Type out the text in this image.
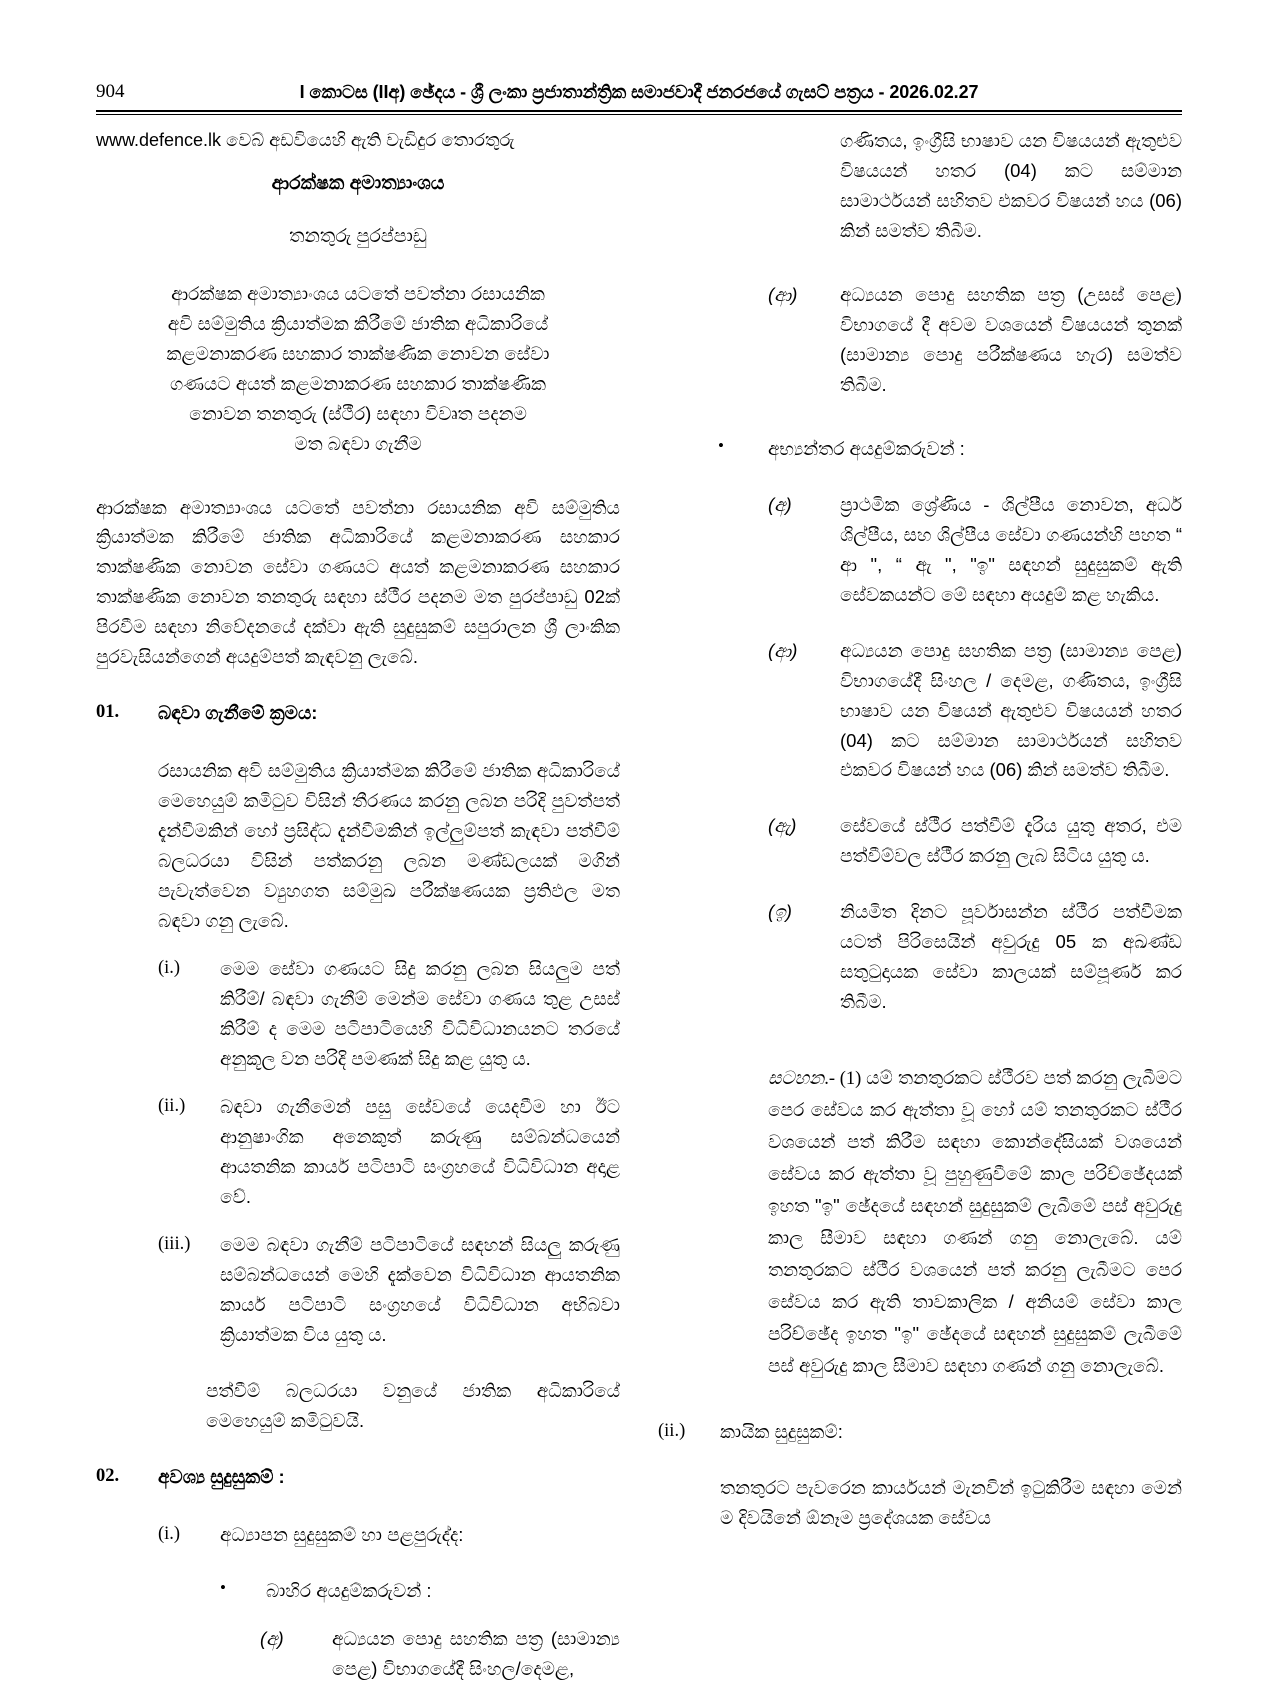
904	I කොටස (IIඅ) ඡේදය - ශ්‍රී ලංකා ප්‍රජාතාන්ත්‍රික සමාජවාදී ජනරජයේ ගැසට් පත්‍රය - 2026.02.27

www.defence.lk වෙබ් අඩවියෙහි ඇති වැඩිදුර තොරතුරු

ආරක්ෂක අමාත්‍යාංශය

තනතුරු පුරප්පාඩු

ආරක්ෂක අමාත්‍යාංශය යටතේ පවත්නා රසායනික
අවි සම්මුතිය ක්‍රියාත්මක කිරීමේ ජාතික අධිකාරියේ
කළමනාකරණ සහකාර තාක්ෂණික නොවන සේවා
ගණයට අයත් කළමනාකරණ සහකාර තාක්ෂණික
නොවන තනතුරු (ස්ථීර) සඳහා විවෘත පදනම
මත බඳවා ගැනීම

ආරක්ෂක අමාත්‍යාංශය යටතේ පවත්නා රසායනික අවි සම්මුතිය ක්‍රියාත්මක කිරීමේ ජාතික අධිකාරියේ කළමනාකරණ සහකාර තාක්ෂණික නොවන සේවා ගණයට අයත් කළමනාකරණ සහකාර තාක්ෂණික නොවන තනතුරු සඳහා ස්ථීර පදනම මත පුරප්පාඩු 02ක් පිරවීම සඳහා නිවේදනයේ දක්වා ඇති සුදුසුකම් සපුරාලන ශ්‍රී ලාංකික පුරවැසියන්ගෙන් අයදුම්පත් කැඳවනු ලැබේ.

01. බඳවා ගැනීමේ ක්‍රමය:

රසායනික අවි සම්මුතිය ක්‍රියාත්මක කිරීමේ ජාතික අධිකාරියේ මෙහෙයුම් කමිටුව විසින් තීරණය කරනු ලබන පරිදි පුවත්පත් දැන්වීමකින් හෝ ප්‍රසිද්ධ දැන්වීමකින් ඉල්ලුම්පත් කැඳවා පත්වීම් බලධරයා විසින් පත්කරනු ලබන මණ්ඩලයක් මගින් පැවැත්වෙන ව්‍යුහගත සම්මුඛ පරීක්ෂණයක ප්‍රතිඵල මත බඳවා ගනු ලැබේ.

(i.) මෙම සේවා ගණයට සිදු කරනු ලබන සියලුම පත් කිරීම්/ බඳවා ගැනීම් මෙන්ම සේවා ගණය තුළ උසස් කිරීම් ද මෙම පටිපාටියෙහි විධිවිධානයනට තරයේ අනුකූල වන පරිදි පමණක් සිදු කළ යුතු ය.
(ii.) බඳවා ගැනීමෙන් පසු සේවයේ යෙදවීම හා ඊට ආනුෂාංගික අනෙකුත් කරුණු සම්බන්ධයෙන් ආයතනික කාර්ය පටිපාටි සංග්‍රහයේ විධිවිධාන අදාළ වේ.
(iii.) මෙම බඳවා ගැනීම් පටිපාටියේ සඳහන් සියලු කරුණු සම්බන්ධයෙන් මෙහි දැක්වෙන විධිවිධාන ආයතනික කාර්ය පටිපාටි සංග්‍රහයේ විධිවිධාන අභිබවා ක්‍රියාත්මක විය යුතු ය.

පත්වීම් බලධරයා වනුයේ ජාතික අධිකාරියේ මෙහෙයුම් කමිටුවයි.

02. අවශ්‍ය සුදුසුකම් :
(i.) අධ්‍යාපන සුදුසුකම් හා පළපුරුද්ද:
• බාහිර අයදුම්කරුවන් :
(අ)	අධ්‍යයන පොදු සහතික පත්‍ර (සාමාන්‍ය පෙළ) විභාගයේදී සිංහල/දෙමළ,

ගණිතය, ඉංග්‍රීසි භාෂාව යන විෂයයන් ඇතුළුව විෂයයන් හතර (04) කට සම්මාන සාමාර්ථයන් සහිතව එකවර විෂයන් හය (06) කින් සමත්ව තිබීම.

(ආ) අධ්‍යයන පොදු සහතික පත්‍ර (උසස් පෙළ) විභාගයේ දී අවම වශයෙන් විෂයයන් තුනක් (සාමාන්‍ය පොදු පරීක්ෂණය හැර) සමත්ව තිබීම.
• අභ්‍යන්තර අයදුම්කරුවන් :
(අ)	ප්‍රාථමික ශ්‍රේණිය - ශිල්පීය නොවන, අර්ධ ශිල්පීය, සහ ශිල්පීය සේවා ගණයන්හි පහත “ ආ ", “ ඇ ", "ඉ" සඳහන් සුදුසුකම් ඇති සේවකයන්ට මේ සඳහා අයදුම් කළ හැකිය.
(ආ) අධ්‍යයන පොදු සහතික පත්‍ර (සාමාන්‍ය පෙළ) විභාගයේදී සිංහල / දෙමළ, ගණිතය, ඉංග්‍රීසි භාෂාව යන විෂයන් ඇතුළුව විෂයයන් හතර (04) කට සම්මාන සාමාර්ථයන් සහිතව එකවර විෂයන් හය (06) කින් සමත්ව තිබීම.
(ඇ) සේවයේ ස්ථීර පත්වීම් දැරිය යුතු අතර, එම පත්වීම්වල ස්ථීර කරනු ලැබ සිටිය යුතු ය.
(ඉ)	නියමිත දිනට පූර්වාසන්න ස්ථීර පත්වීමක යටත් පිරිසෙයින් අවුරුදු 05 ක අඛණ්ඩ සතුටුදායක සේවා කාලයක් සම්පූර්ණ කර තිබීම.

සටහන.- (1) යම් තනතුරකට ස්ථීරව පත් කරනු ලැබීමට පෙර සේවය කර ඇත්තා වූ හෝ යම් තනතුරකට ස්ථීර වශයෙන් පත් කිරීම සඳහා කොන්දේසියක් වශයෙන් සේවය කර ඇත්තා වූ පුහුණුවීමේ කාල පරිච්ඡේදයක් ඉහත "ඉ" ඡේදයේ සඳහන් සුදුසුකම් ලැබීමේ පස් අවුරුදු කාල සීමාව සඳහා ගණන් ගනු නොලැබේ. යම් තනතුරකට ස්ථීර වශයෙන් පත් කරනු ලැබීමට පෙර සේවය කර ඇති තාවකාලික / අනියම් සේවා කාල පරිච්ඡේද ඉහත "ඉ" ඡේදයේ සඳහන් සුදුසුකම් ලැබීමේ පස් අවුරුදු කාල සීමාව සඳහා ගණන් ගනු නොලැබේ.

(ii.) කායික සුදුසුකම්:

තනතුරට පැවරෙන කාර්යයන් මැනවින් ඉටුකිරීම සඳහා මෙන් ම දිවයිනේ ඕනෑම ප්‍රදේශයක සේවය
